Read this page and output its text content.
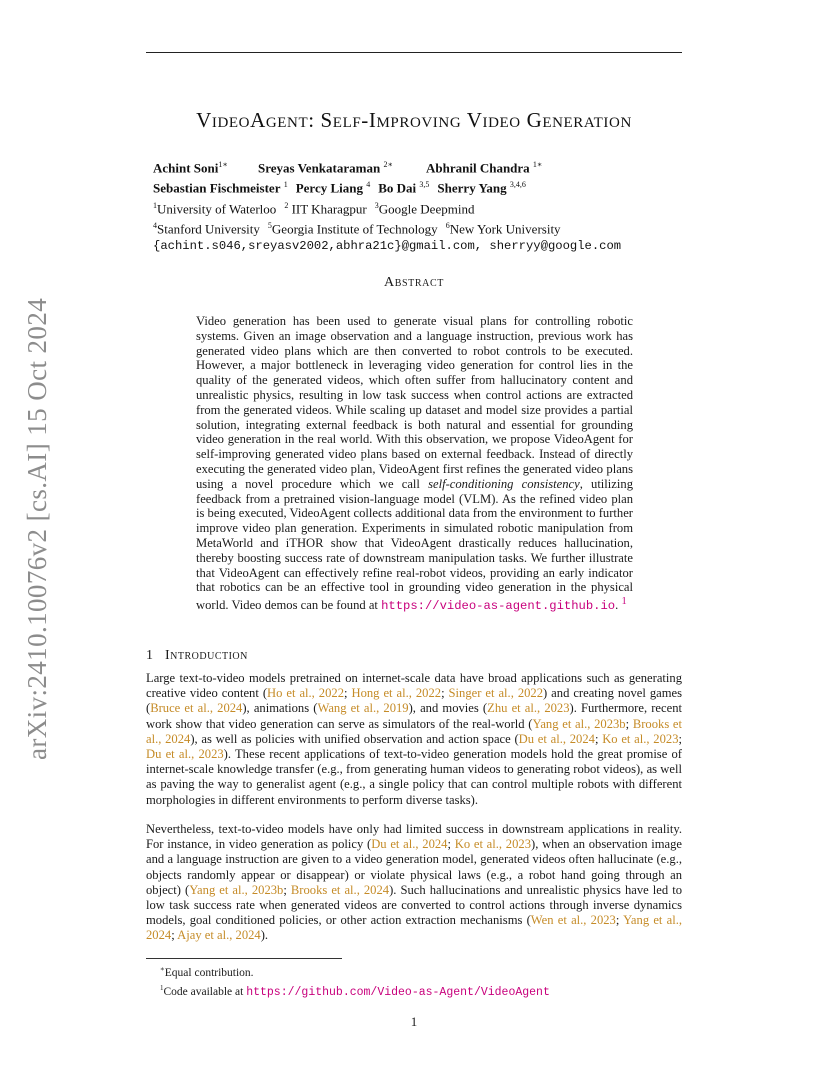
arXiv:2410.10076v2 [cs.AI] 15 Oct 2024
VideoAgent: Self-Improving Video Generation
Achint Soni$^{1∗}$	Sreyas Venkataraman $^{2∗}$	Abhranil Chandra $^{1∗}$
Sebastian Fischmeister $^1$ Percy Liang $^4$ Bo Dai $^{3,5}$ Sherry Yang $^{3,4,6}$
$^1$University of Waterloo $^2$ IIT Kharagpur $^3$Google Deepmind
$^4$Stanford University $^5$Georgia Institute of Technology $^6$New York University
{achint.s046,sreyasv2002,abhra21c}@gmail.com, sherryy@google.com
Abstract
Video generation has been used to generate visual plans for controlling robotic systems. Given an image observation and a language instruction, previous work has generated video plans which are then converted to robot controls to be executed. However, a major bottleneck in leveraging video generation for control lies in the quality of the generated videos, which often suffer from hallucinatory content and unrealistic physics, resulting in low task success when control actions are extracted from the generated videos. While scaling up dataset and model size provides a partial solution, integrating external feedback is both natural and essential for grounding video generation in the real world. With this observation, we propose VideoAgent for self-improving generated video plans based on external feedback. Instead of directly executing the generated video plan, VideoAgent first refines the generated video plans using a novel procedure which we call self-conditioning consistency, utilizing feedback from a pretrained vision-language model (VLM). As the refined video plan is being executed, VideoAgent collects additional data from the environment to further improve video plan generation. Experiments in simulated robotic manipulation from MetaWorld and iTHOR show that VideoAgent drastically reduces hallucination, thereby boosting success rate of downstream manipulation tasks. We further illustrate that VideoAgent can effectively refine real-robot videos, providing an early indicator that robotics can be an effective tool in grounding video generation in the physical world. Video demos can be found at https://video-as-agent.github.io. $^1$
1 Introduction
Large text-to-video models pretrained on internet-scale data have broad applications such as generating creative video content (Ho et al., 2022; Hong et al., 2022; Singer et al., 2022) and creating novel games (Bruce et al., 2024), animations (Wang et al., 2019), and movies (Zhu et al., 2023). Furthermore, recent work show that video generation can serve as simulators of the real-world (Yang et al., 2023b; Brooks et al., 2024), as well as policies with unified observation and action space (Du et al., 2024; Ko et al., 2023; Du et al., 2023). These recent applications of text-to-video generation models hold the great promise of internet-scale knowledge transfer (e.g., from generating human videos to generating robot videos), as well as paving the way to generalist agent (e.g., a single policy that can control multiple robots with different morphologies in different environments to perform diverse tasks).
Nevertheless, text-to-video models have only had limited success in downstream applications in reality. For instance, in video generation as policy (Du et al., 2024; Ko et al., 2023), when an observation image and a language instruction are given to a video generation model, generated videos often hallucinate (e.g., objects randomly appear or disappear) or violate physical laws (e.g., a robot hand going through an object) (Yang et al., 2023b; Brooks et al., 2024). Such hallucinations and unrealistic physics have led to low task success rate when generated videos are converted to control actions through inverse dynamics models, goal conditioned policies, or other action extraction mechanisms (Wen et al., 2023; Yang et al., 2024; Ajay et al., 2024).
∗Equal contribution.
$^1$Code available at https://github.com/Video-as-Agent/VideoAgent
1
